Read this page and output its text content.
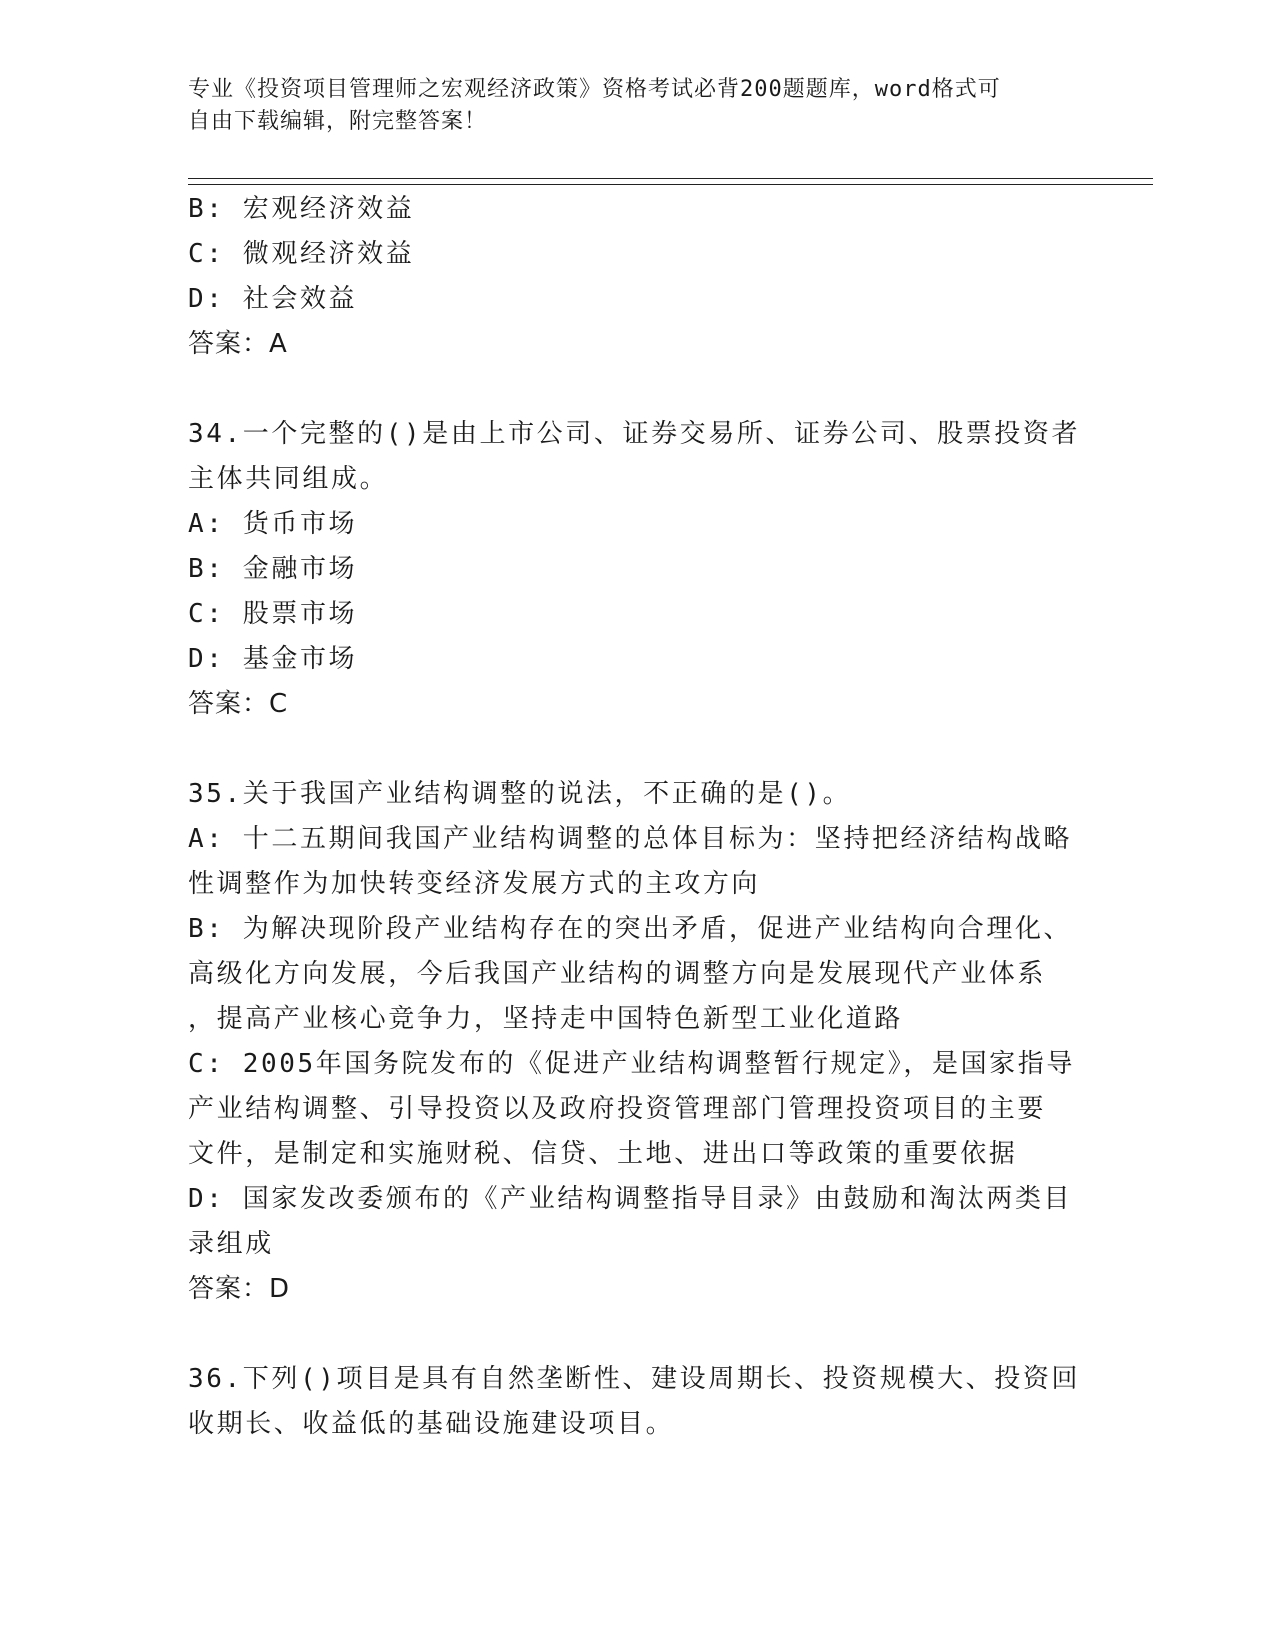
专业《投资项目管理师之宏观经济政策》资格考试必背200题题库，word格式可
自由下载编辑，附完整答案！
B: 宏观经济效益
C: 微观经济效益
D: 社会效益
答案：A
34.一个完整的()是由上市公司、证券交易所、证券公司、股票投资者
主体共同组成。
A: 货币市场
B: 金融市场
C: 股票市场
D: 基金市场
答案：C
35.关于我国产业结构调整的说法，不正确的是()。
A: 十二五期间我国产业结构调整的总体目标为：坚持把经济结构战略
性调整作为加快转变经济发展方式的主攻方向
B: 为解决现阶段产业结构存在的突出矛盾，促进产业结构向合理化、
高级化方向发展，今后我国产业结构的调整方向是发展现代产业体系
，提高产业核心竞争力，坚持走中国特色新型工业化道路
C: 2005年国务院发布的《促进产业结构调整暂行规定》，是国家指导
产业结构调整、引导投资以及政府投资管理部门管理投资项目的主要
文件，是制定和实施财税、信贷、土地、进出口等政策的重要依据
D: 国家发改委颁布的《产业结构调整指导目录》由鼓励和淘汰两类目
录组成
答案：D
36.下列()项目是具有自然垄断性、建设周期长、投资规模大、投资回
收期长、收益低的基础设施建设项目。
